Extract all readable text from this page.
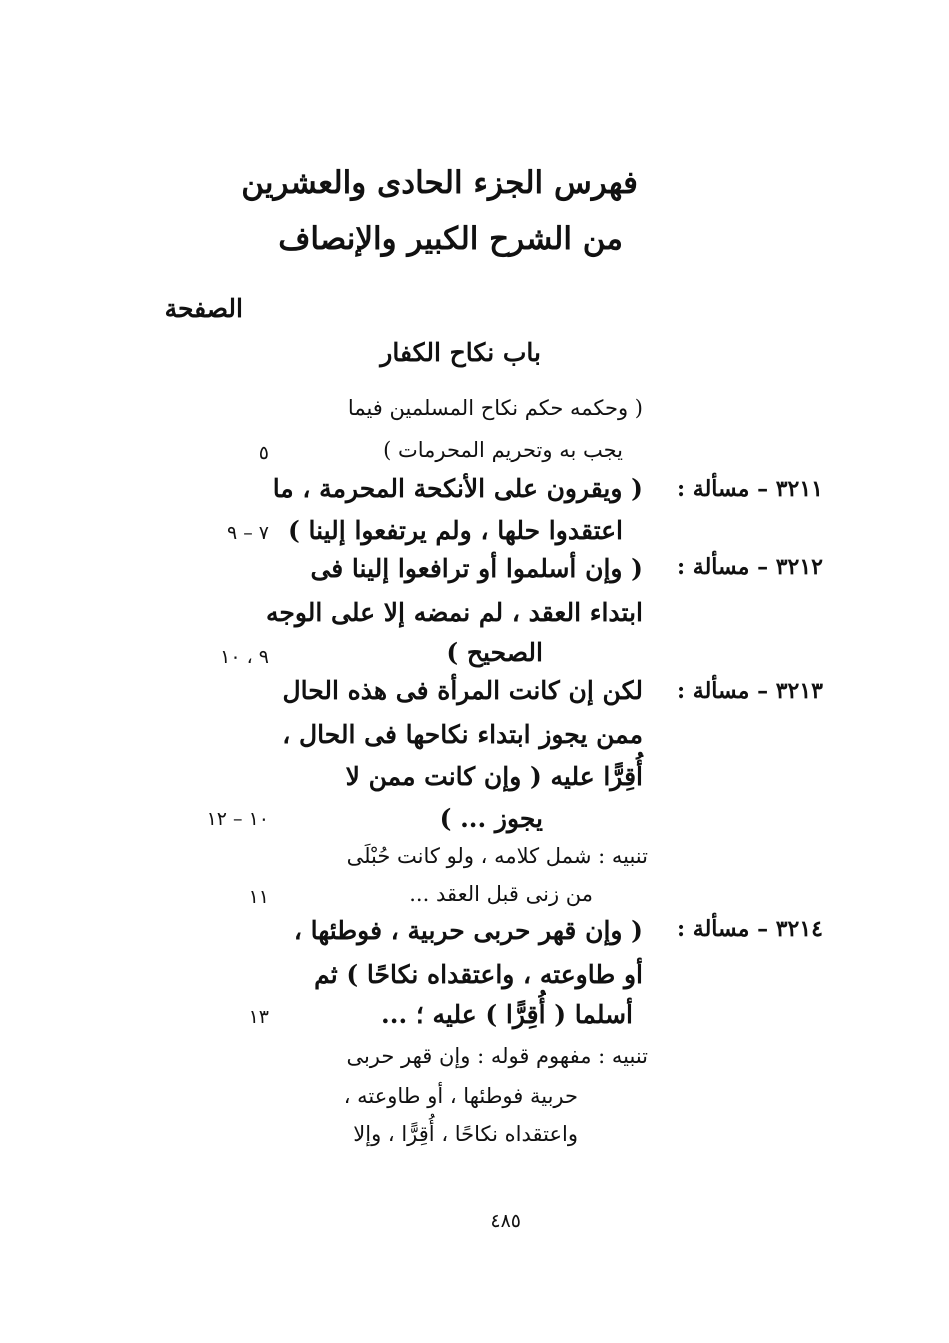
فهرس الجزء الحادى والعشرين
من الشرح الكبير والإنصاف
الصفحة
باب نكاح الكفار
( وحكمه حكم نكاح المسلمين فيما
يجب به وتحريم المحرمات )
٥
٣٢١١ – مسألة :
( ويقرون على الأنكحة المحرمة ، ما
اعتقدوا حلها ، ولم يرتفعوا إلينا )
٧ – ٩
٣٢١٢ – مسألة :
( وإن أسلموا أو ترافعوا إلينا فى
ابتداء العقد ، لم نمضه إلا على الوجه
الصحيح )
٩ ، ١٠
٣٢١٣ – مسألة :
لكن إن كانت المرأة فى هذه الحال
ممن يجوز ابتداء نكاحها فى الحال ،
أُقِرًّا عليه ( وإن كانت ممن لا
يجوز ... )
١٠ – ١٢
تنبيه : شمل كلامه ، ولو كانت حُبْلَى
من زنى قبل العقد ...
١١
٣٢١٤ – مسألة :
( وإن قهر حربى حربية ، فوطئها ،
أو طاوعته ، واعتقداه نكاحًا ) ثم
أسلما ( أُقِرًّا ) عليه ؛ ...
١٣
تنبيه : مفهوم قوله : وإن قهر حربى
حربية فوطئها ، أو طاوعته ،
واعتقداه نكاحًا ، أُقِرًّا ، وإلا
٤٨٥
